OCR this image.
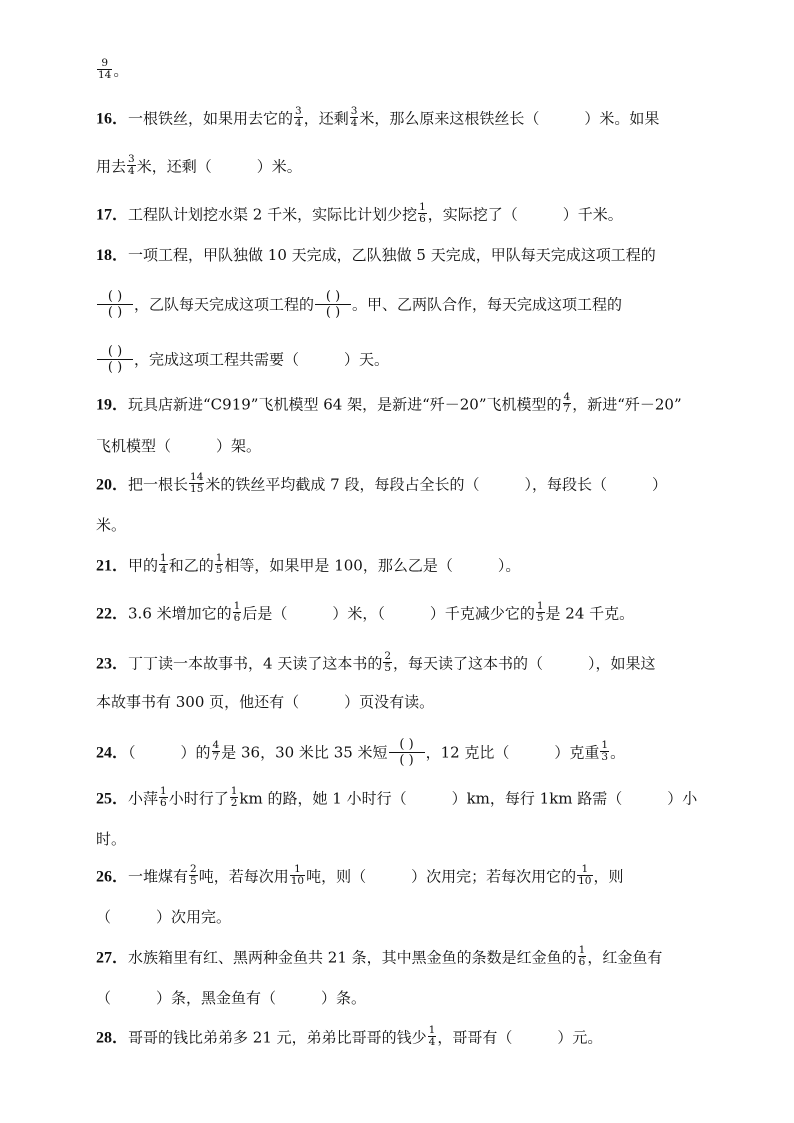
$\frac{9}{14}$ 。
16．一根铁丝，如果用去它的 $\frac{3}{4}$ ，还剩 $\frac{3}{4}$ 米，那么原来这根铁丝长（　　　）米。如果
用去 $\frac{3}{4}$ 米，还剩（　　　）米。
17．工程队计划挖水渠 2 千米，实际比计划少挖 $\frac{1}{6}$ ，实际挖了（　　　）千米。
18．一项工程，甲队独做 10 天完成，乙队独做 5 天完成，甲队每天完成这项工程的
( )
( ) ，乙队每天完成这项工程的 ( )
( ) 。甲、乙两队合作，每天完成这项工程的
( )
( ) ，完成这项工程共需要（　　　）天。
19．玩具店新进“C919”飞机模型 64 架，是新进“歼－20”飞机模型的 $\frac{4}{7}$ ，新进“歼－20”
飞机模型（　　　）架。
20．把一根长 $\frac{14}{15}$ 米的铁丝平均截成 7 段，每段占全长的（　　　），每段长（　　　）
米。
21．甲的 $\frac{1}{4}$ 和乙的 $\frac{1}{5}$ 相等，如果甲是 100，那么乙是（　　　）。
22．3.6 米增加它的 $\frac{1}{6}$ 后是（　　　）米，（　　　）千克减少它的 $\frac{1}{5}$ 是 24 千克。
23．丁丁读一本故事书，4 天读了这本书的 $\frac{2}{5}$ ，每天读了这本书的（　　　），如果这
本故事书有 300 页，他还有（　　　）页没有读。
24．（　　　）的 $\frac{4}{7}$ 是 36，30 米比 35 米短 ( )
( ) ，12 克比（　　　）克重 $\frac{1}{3}$ 。
25．小萍 $\frac{1}{6}$ 小时行了 $\frac{1}{2}$ km 的路，她 1 小时行（　　　）km，每行 1km 路需（　　　）小
时。
26．一堆煤有 $\frac{2}{5}$ 吨，若每次用 $\frac{1}{10}$ 吨，则（　　　）次用完；若每次用它的 $\frac{1}{10}$ ，则
（　　　）次用完。
27．水族箱里有红、黑两种金鱼共 21 条，其中黑金鱼的条数是红金鱼的 $\frac{1}{6}$ ，红金鱼有
（　　　）条，黑金鱼有（　　　）条。
28．哥哥的钱比弟弟多 21 元，弟弟比哥哥的钱少 $\frac{1}{4}$ ，哥哥有（　　　）元。
